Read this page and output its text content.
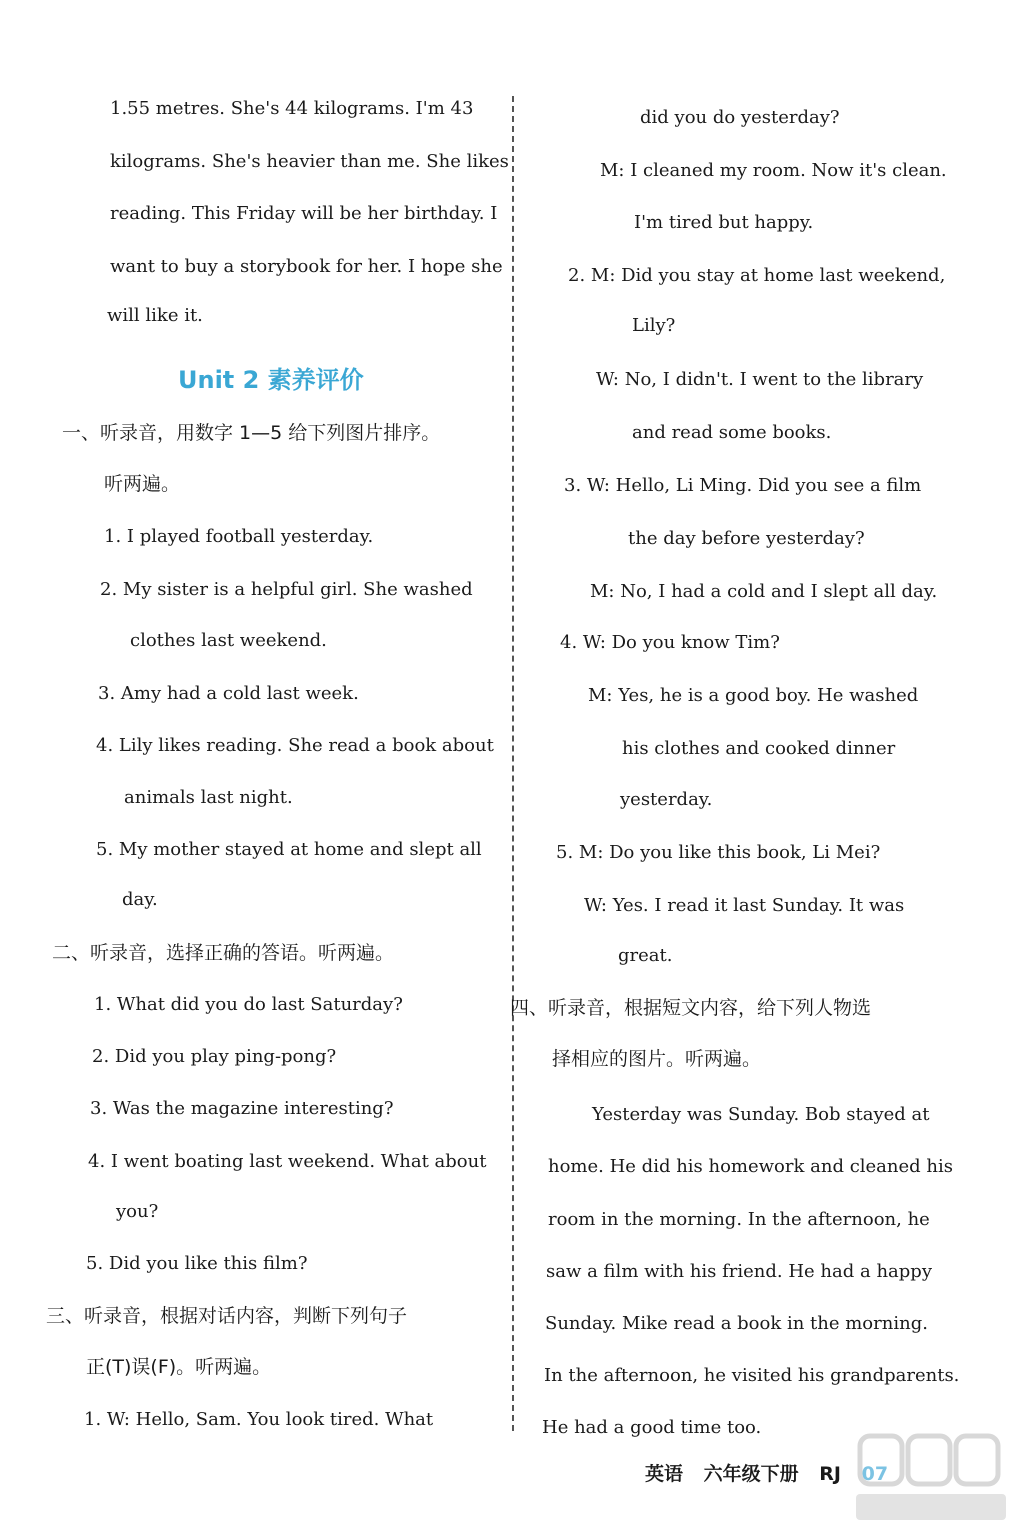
1.55 metres. She's 44 kilograms. I'm 43
kilograms. She's heavier than me. She likes
reading. This Friday will be her birthday. I
want to buy a storybook for her. I hope she
will like it.
一、听录音，用数字 1—5 给下列图片排序。
听两遍。
1. I played football yesterday.
2. My sister is a helpful girl. She washed
clothes last weekend.
3. Amy had a cold last week.
4. Lily likes reading. She read a book about
animals last night.
5. My mother stayed at home and slept all
day.
二、听录音，选择正确的答语。听两遍。
1. What did you do last Saturday?
2. Did you play ping-pong?
3. Was the magazine interesting?
4. I went boating last weekend. What about
you?
5. Did you like this film?
三、听录音，根据对话内容，判断下列句子
正(T)误(F)。听两遍。
1. W: Hello, Sam. You look tired. What
Unit 2 素养评价
did you do yesterday?
M: I cleaned my room. Now it's clean.
I'm tired but happy.
2. M: Did you stay at home last weekend,
Lily?
W: No, I didn't. I went to the library
and read some books.
3. W: Hello, Li Ming. Did you see a film
the day before yesterday?
M: No, I had a cold and I slept all day.
4. W: Do you know Tim?
M: Yes, he is a good boy. He washed
his clothes and cooked dinner
yesterday.
5. M: Do you like this book, Li Mei?
W: Yes. I read it last Sunday. It was
great.
四、听录音，根据短文内容，给下列人物选
择相应的图片。听两遍。
Yesterday was Sunday. Bob stayed at
home. He did his homework and cleaned his
room in the morning. In the afternoon, he
saw a film with his friend. He had a happy
Sunday. Mike read a book in the morning.
In the afternoon, he visited his grandparents.
He had a good time too.
英语 六年级下册 RJ 07
